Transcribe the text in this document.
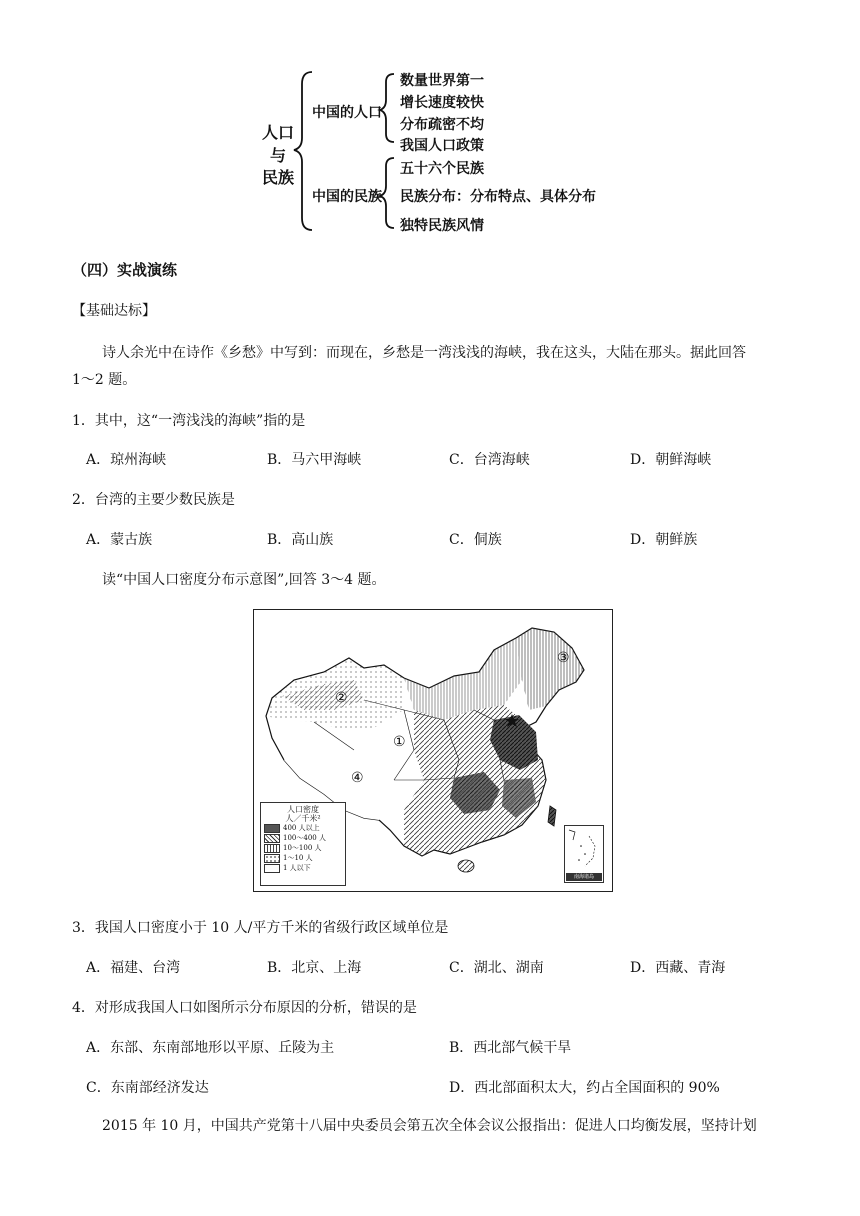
人口
与
民族
中国的人口
数量世界第一
增长速度较快
分布疏密不均
我国人口政策
中国的民族
五十六个民族
民族分布：分布特点、具体分布
独特民族风情
（四）实战演练
【基础达标】
诗人余光中在诗作《乡愁》中写到：而现在，乡愁是一湾浅浅的海峡，我在这头，大陆在那头。据此回答
1～2 题。
1．其中，这“一湾浅浅的海峡”指的是
A．琼州海峡	B．马六甲海峡	C．台湾海峡	D．朝鲜海峡
2．台湾的主要少数民族是
A．蒙古族	B．高山族	C．侗族	D．朝鲜族
读“中国人口密度分布示意图”,回答 3～4 题。
①
②
③
④
人口密度
人／千米²
400 人以上
100～400 人
10～100 人
1～10 人
1 人以下
南海诸岛
3．我国人口密度小于 10 人/平方千米的省级行政区域单位是
A．福建、台湾	B．北京、上海	C．湖北、湖南	D．西藏、青海
4．对形成我国人口如图所示分布原因的分析，错误的是
A．东部、东南部地形以平原、丘陵为主	B．西北部气候干旱
C．东南部经济发达	D．西北部面积太大，约占全国面积的 90%
2015 年 10 月，中国共产党第十八届中央委员会第五次全体会议公报指出：促进人口均衡发展，坚持计划
